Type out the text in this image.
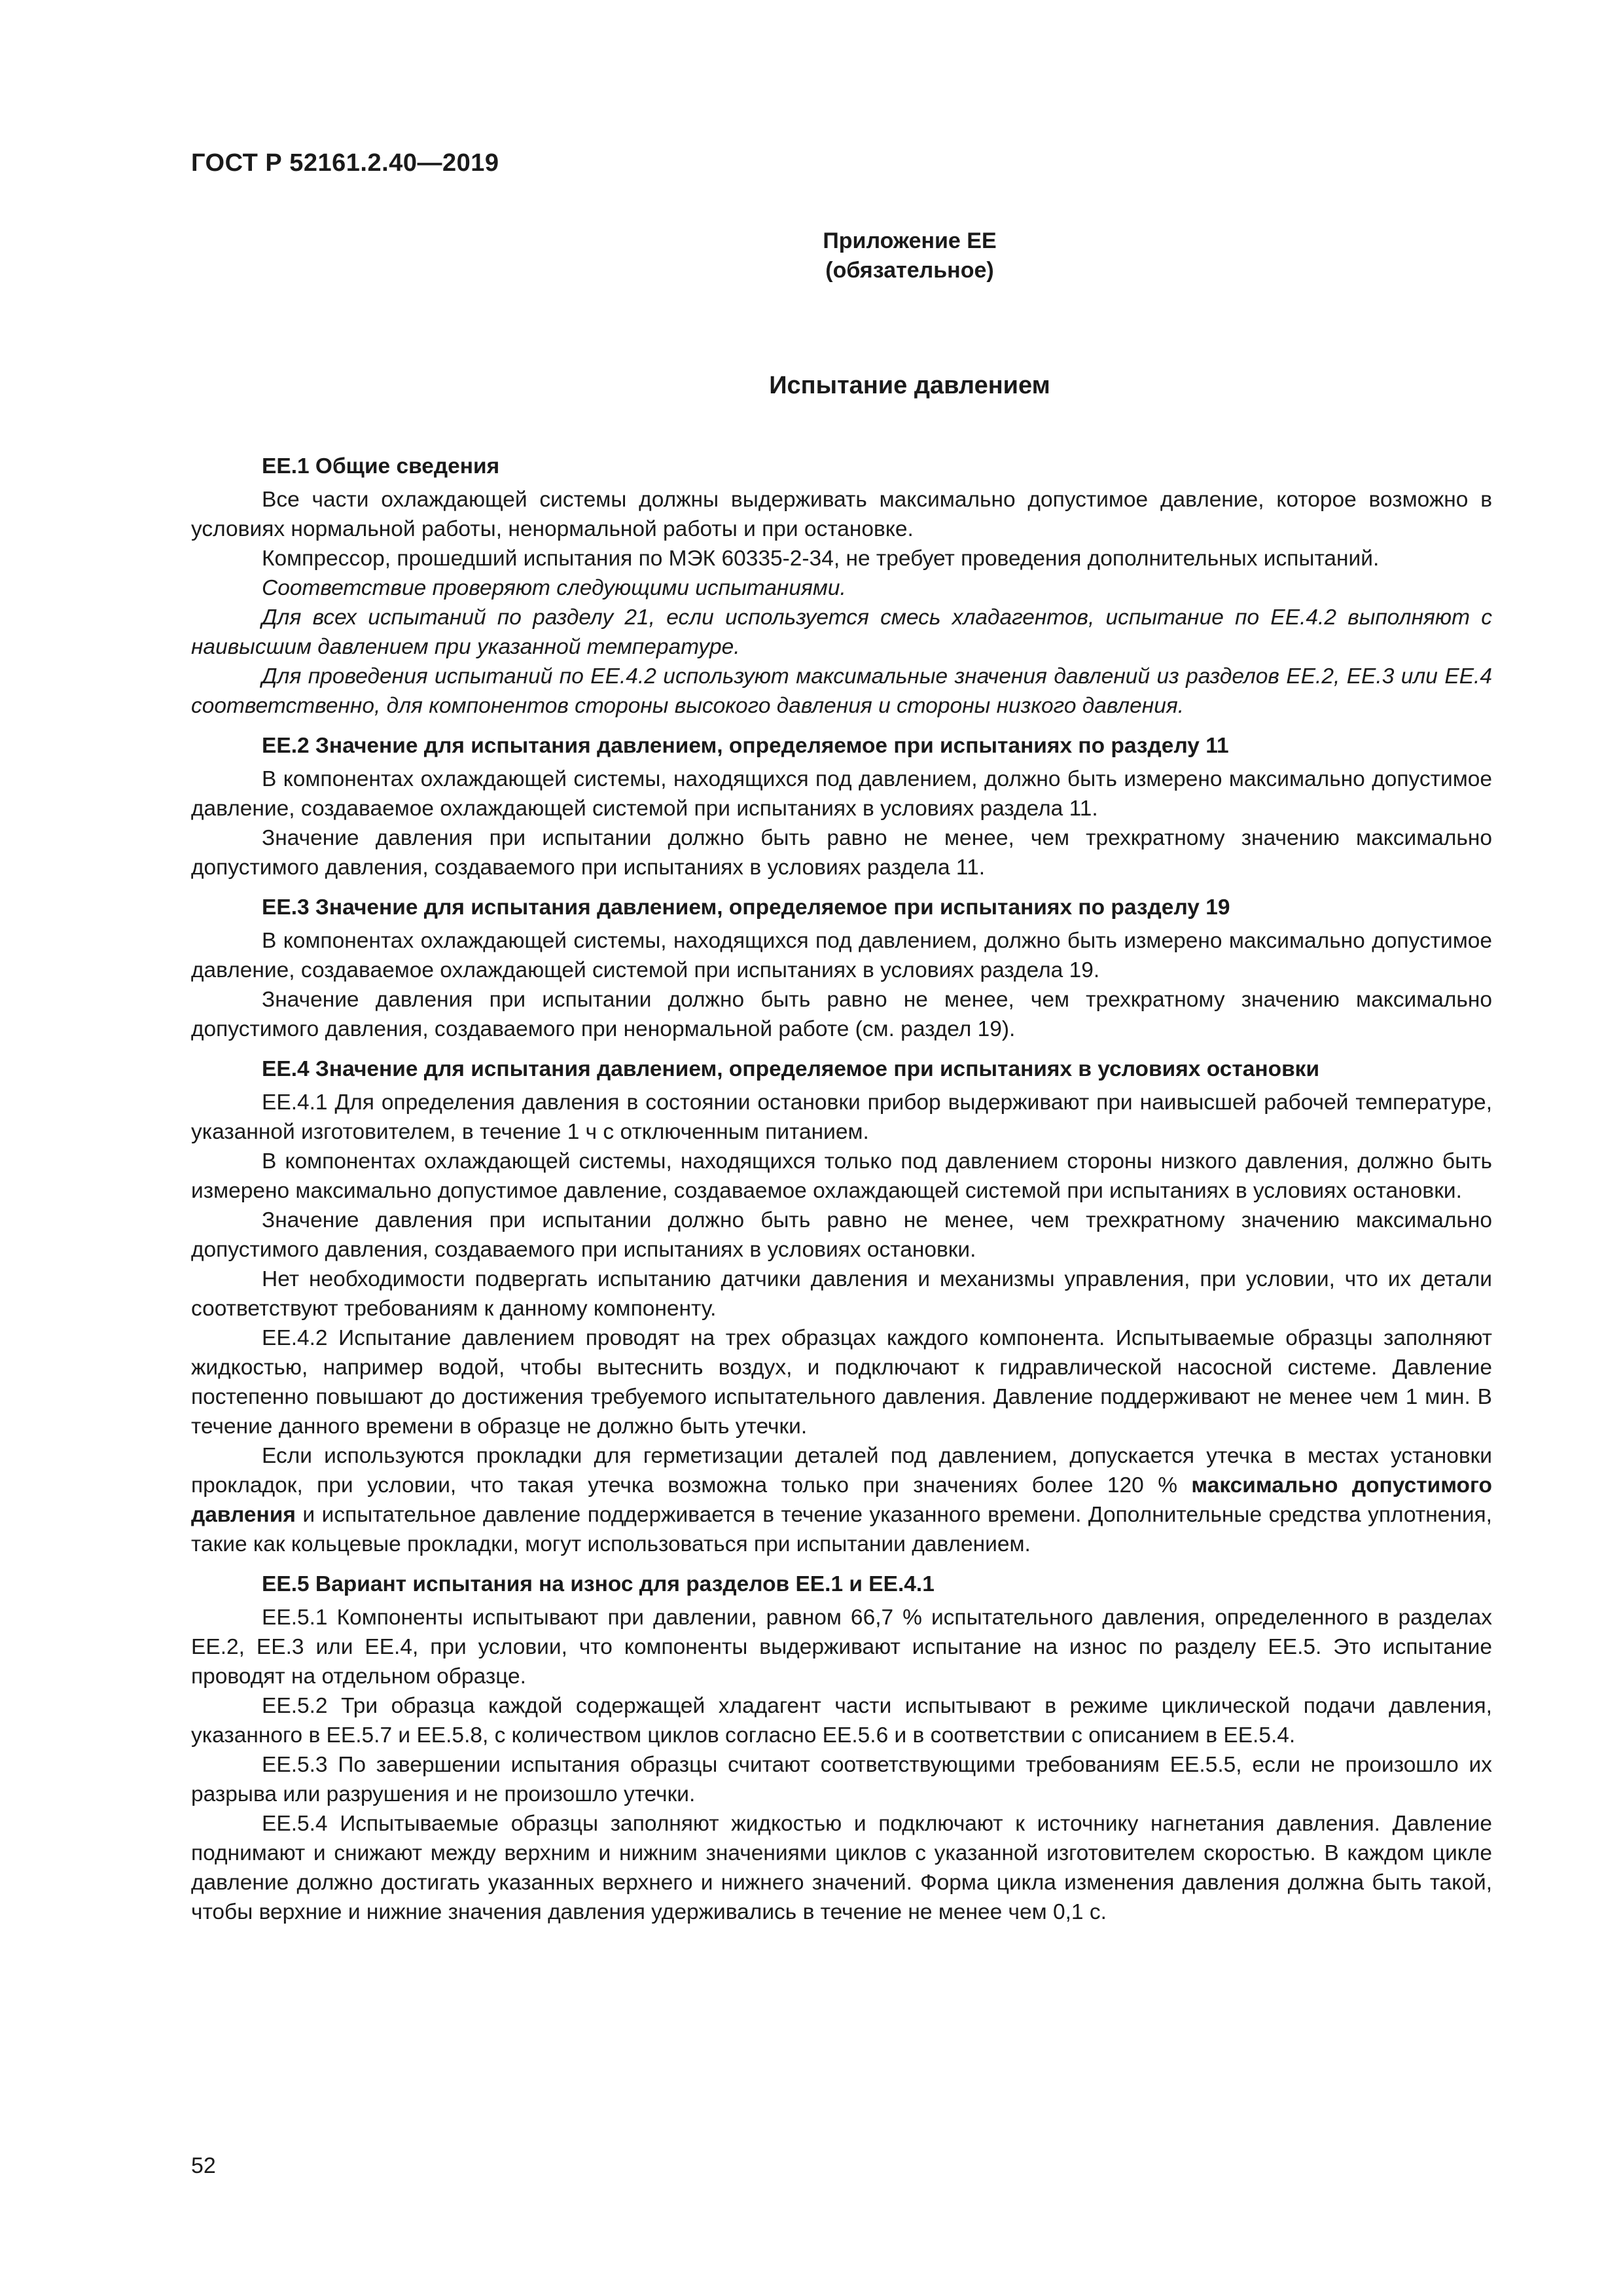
ГОСТ Р 52161.2.40—2019
Приложение ЕЕ
(обязательное)
Испытание давлением
ЕЕ.1 Общие сведения

Все части охлаждающей системы должны выдерживать максимально допустимое давление, которое возможно в условиях нормальной работы, ненормальной работы и при остановке.

Компрессор, прошедший испытания по МЭК 60335-2-34, не требует проведения дополнительных испытаний.

Соответствие проверяют следующими испытаниями.

Для всех испытаний по разделу 21, если используется смесь хладагентов, испытание по ЕЕ.4.2 выполняют с наивысшим давлением при указанной температуре.

Для проведения испытаний по ЕЕ.4.2 используют максимальные значения давлений из разделов ЕЕ.2, ЕЕ.3 или ЕЕ.4 соответственно, для компонентов стороны высокого давления и стороны низкого давления.

ЕЕ.2 Значение для испытания давлением, определяемое при испытаниях по разделу 11

В компонентах охлаждающей системы, находящихся под давлением, должно быть измерено максимально допустимое давление, создаваемое охлаждающей системой при испытаниях в условиях раздела 11.

Значение давления при испытании должно быть равно не менее, чем трехкратному значению максимально допустимого давления, создаваемого при испытаниях в условиях раздела 11.

ЕЕ.3 Значение для испытания давлением, определяемое при испытаниях по разделу 19

В компонентах охлаждающей системы, находящихся под давлением, должно быть измерено максимально допустимое давление, создаваемое охлаждающей системой при испытаниях в условиях раздела 19.

Значение давления при испытании должно быть равно не менее, чем трехкратному значению максимально допустимого давления, создаваемого при ненормальной работе (см. раздел 19).

ЕЕ.4 Значение для испытания давлением, определяемое при испытаниях в условиях остановки

ЕЕ.4.1 Для определения давления в состоянии остановки прибор выдерживают при наивысшей рабочей температуре, указанной изготовителем, в течение 1 ч с отключенным питанием.

В компонентах охлаждающей системы, находящихся только под давлением стороны низкого давления, должно быть измерено максимально допустимое давление, создаваемое охлаждающей системой при испытаниях в условиях остановки.

Значение давления при испытании должно быть равно не менее, чем трехкратному значению максимально допустимого давления, создаваемого при испытаниях в условиях остановки.

Нет необходимости подвергать испытанию датчики давления и механизмы управления, при условии, что их детали соответствуют требованиям к данному компоненту.

ЕЕ.4.2 Испытание давлением проводят на трех образцах каждого компонента. Испытываемые образцы заполняют жидкостью, например водой, чтобы вытеснить воздух, и подключают к гидравлической насосной системе. Давление постепенно повышают до достижения требуемого испытательного давления. Давление поддерживают не менее чем 1 мин. В течение данного времени в образце не должно быть утечки.

Если используются прокладки для герметизации деталей под давлением, допускается утечка в местах установки прокладок, при условии, что такая утечка возможна только при значениях более 120 % максимально допустимого давления и испытательное давление поддерживается в течение указанного времени. Дополнительные средства уплотнения, такие как кольцевые прокладки, могут использоваться при испытании давлением.

ЕЕ.5 Вариант испытания на износ для разделов ЕЕ.1 и ЕЕ.4.1

ЕЕ.5.1 Компоненты испытывают при давлении, равном 66,7 % испытательного давления, определенного в разделах ЕЕ.2, ЕЕ.3 или ЕЕ.4, при условии, что компоненты выдерживают испытание на износ по разделу ЕЕ.5. Это испытание проводят на отдельном образце.

ЕЕ.5.2 Три образца каждой содержащей хладагент части испытывают в режиме циклической подачи давления, указанного в ЕЕ.5.7 и ЕЕ.5.8, с количеством циклов согласно ЕЕ.5.6 и в соответствии с описанием в ЕЕ.5.4.

ЕЕ.5.3 По завершении испытания образцы считают соответствующими требованиям ЕЕ.5.5, если не произошло их разрыва или разрушения и не произошло утечки.

ЕЕ.5.4 Испытываемые образцы заполняют жидкостью и подключают к источнику нагнетания давления. Давление поднимают и снижают между верхним и нижним значениями циклов с указанной изготовителем скоростью. В каждом цикле давление должно достигать указанных верхнего и нижнего значений. Форма цикла изменения давления должна быть такой, чтобы верхние и нижние значения давления удерживались в течение не менее чем 0,1 с.

52
